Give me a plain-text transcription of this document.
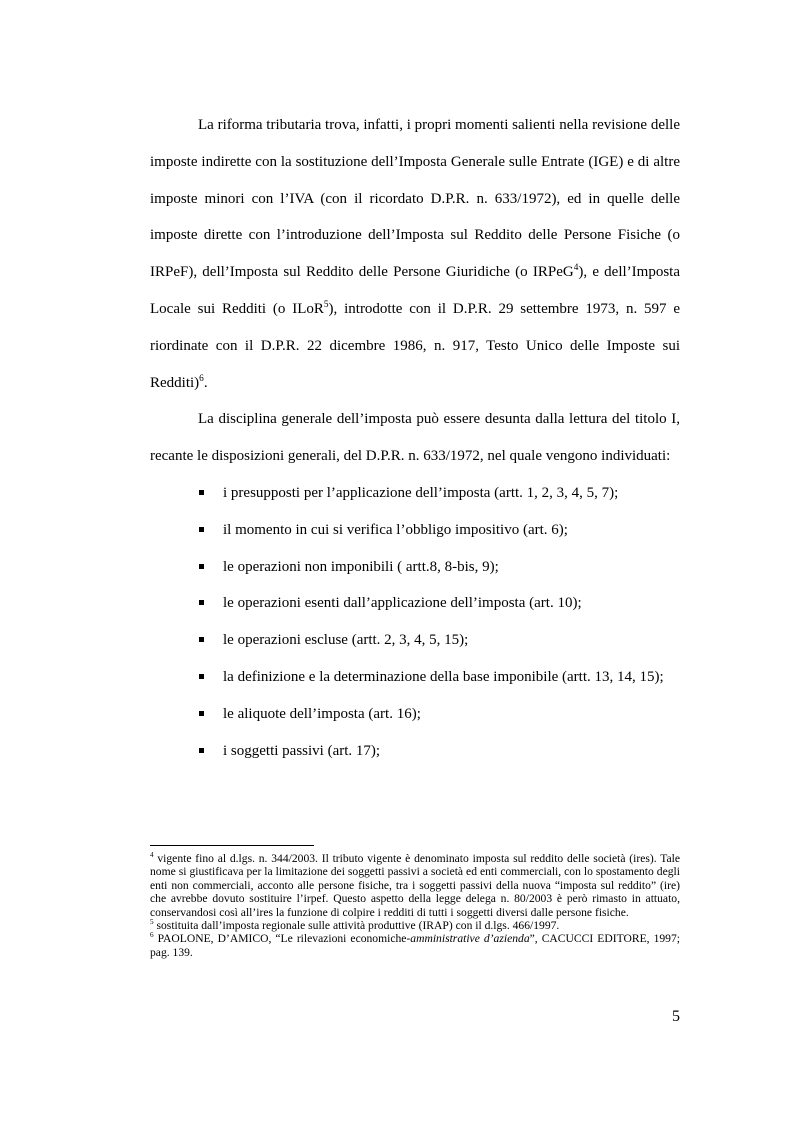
La riforma tributaria trova, infatti, i propri momenti salienti nella revisione delle imposte indirette con la sostituzione dell’Imposta Generale sulle Entrate (IGE) e di altre imposte minori con l’IVA (con il ricordato D.P.R. n. 633/1972), ed in quelle delle imposte dirette con l’introduzione dell’Imposta sul Reddito delle Persone Fisiche (o IRPeF), dell’Imposta sul Reddito delle Persone Giuridiche (o IRPeG$^4$), e dell’Imposta Locale sui Redditi (o ILoR$^5$), introdotte con il D.P.R. 29 settembre 1973, n. 597 e riordinate con il D.P.R. 22 dicembre 1986, n. 917, Testo Unico delle Imposte sui Redditi)$^6$.

La disciplina generale dell’imposta può essere desunta dalla lettura del titolo I, recante le disposizioni generali, del D.P.R. n. 633/1972, nel quale vengono individuati:

i presupposti per l’applicazione dell’imposta (artt. 1, 2, 3, 4, 5, 7);
il momento in cui si verifica l’obbligo impositivo (art. 6);
le operazioni non imponibili ( artt.8, 8-bis, 9);
le operazioni esenti dall’applicazione dell’imposta (art. 10);
le operazioni escluse (artt. 2, 3, 4, 5, 15);
la definizione e la determinazione della base imponibile (artt. 13, 14, 15);
le aliquote dell’imposta (art. 16);
i soggetti passivi (art. 17);

$^4$ vigente fino al d.lgs. n. 344/2003. Il tributo vigente è denominato imposta sul reddito delle società (ires). Tale nome si giustificava per la limitazione dei soggetti passivi a società ed enti commerciali, con lo spostamento degli enti non commerciali, acconto alle persone fisiche, tra i soggetti passivi della nuova “imposta sul reddito” (ire) che avrebbe dovuto sostituire l’irpef. Questo aspetto della legge delega n. 80/2003 è però rimasto in attuato, conservandosi così all’ires la funzione di colpire i redditi di tutti i soggetti diversi dalle persone fisiche.

$^5$ sostituita dall’imposta regionale sulle attività produttive (IRAP) con il d.lgs. 466/1997.

$^6$ PAOLONE, D’AMICO, “Le rilevazioni economiche-amministrative d’azienda”, CACUCCI EDITORE, 1997; pag. 139.

5
